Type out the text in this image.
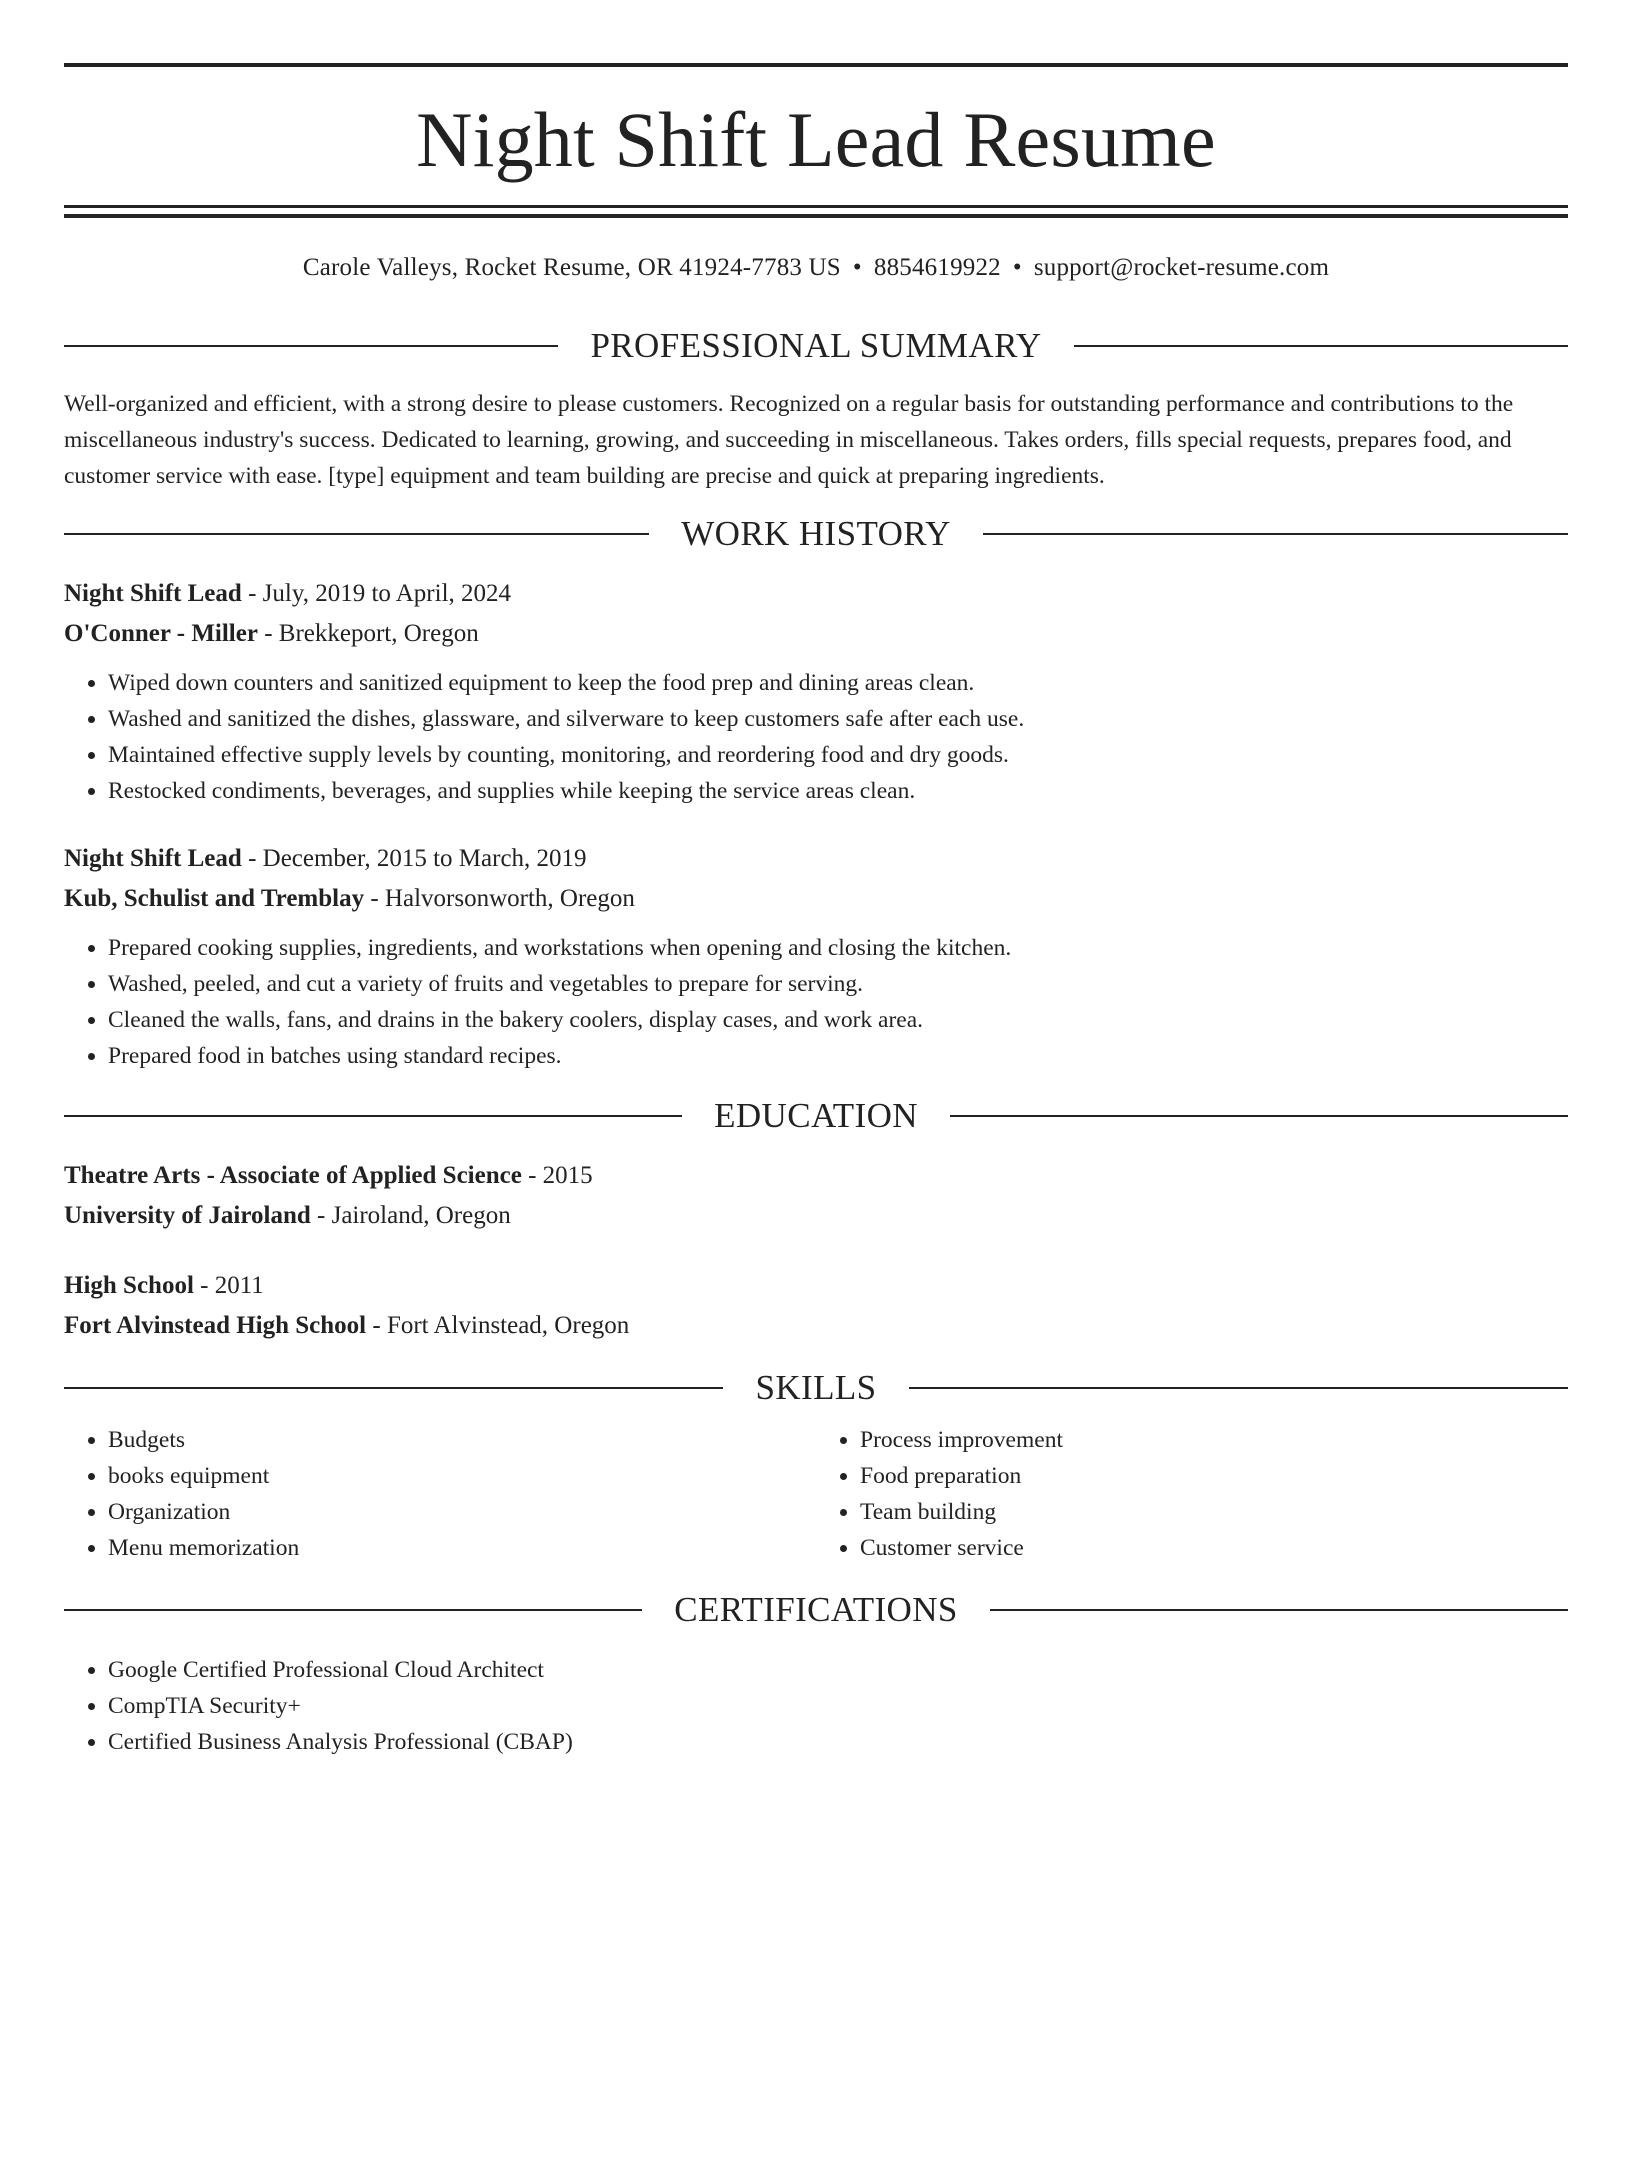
Night Shift Lead Resume
Carole Valleys, Rocket Resume, OR 41924-7783 US • 8854619922 • support@rocket-resume.com
PROFESSIONAL SUMMARY
Well-organized and efficient, with a strong desire to please customers. Recognized on a regular basis for outstanding performance and contributions to the miscellaneous industry's success. Dedicated to learning, growing, and succeeding in miscellaneous. Takes orders, fills special requests, prepares food, and customer service with ease. [type] equipment and team building are precise and quick at preparing ingredients.
WORK HISTORY
Night Shift Lead - July, 2019 to April, 2024
O'Conner - Miller - Brekkeport, Oregon
• Wiped down counters and sanitized equipment to keep the food prep and dining areas clean.
• Washed and sanitized the dishes, glassware, and silverware to keep customers safe after each use.
• Maintained effective supply levels by counting, monitoring, and reordering food and dry goods.
• Restocked condiments, beverages, and supplies while keeping the service areas clean.
Night Shift Lead - December, 2015 to March, 2019
Kub, Schulist and Tremblay - Halvorsonworth, Oregon
• Prepared cooking supplies, ingredients, and workstations when opening and closing the kitchen.
• Washed, peeled, and cut a variety of fruits and vegetables to prepare for serving.
• Cleaned the walls, fans, and drains in the bakery coolers, display cases, and work area.
• Prepared food in batches using standard recipes.
EDUCATION
Theatre Arts - Associate of Applied Science - 2015
University of Jairoland - Jairoland, Oregon
High School - 2011
Fort Alvinstead High School - Fort Alvinstead, Oregon
SKILLS
• Budgets
• books equipment
• Organization
• Menu memorization
• Process improvement
• Food preparation
• Team building
• Customer service
CERTIFICATIONS
• Google Certified Professional Cloud Architect
• CompTIA Security+
• Certified Business Analysis Professional (CBAP)
